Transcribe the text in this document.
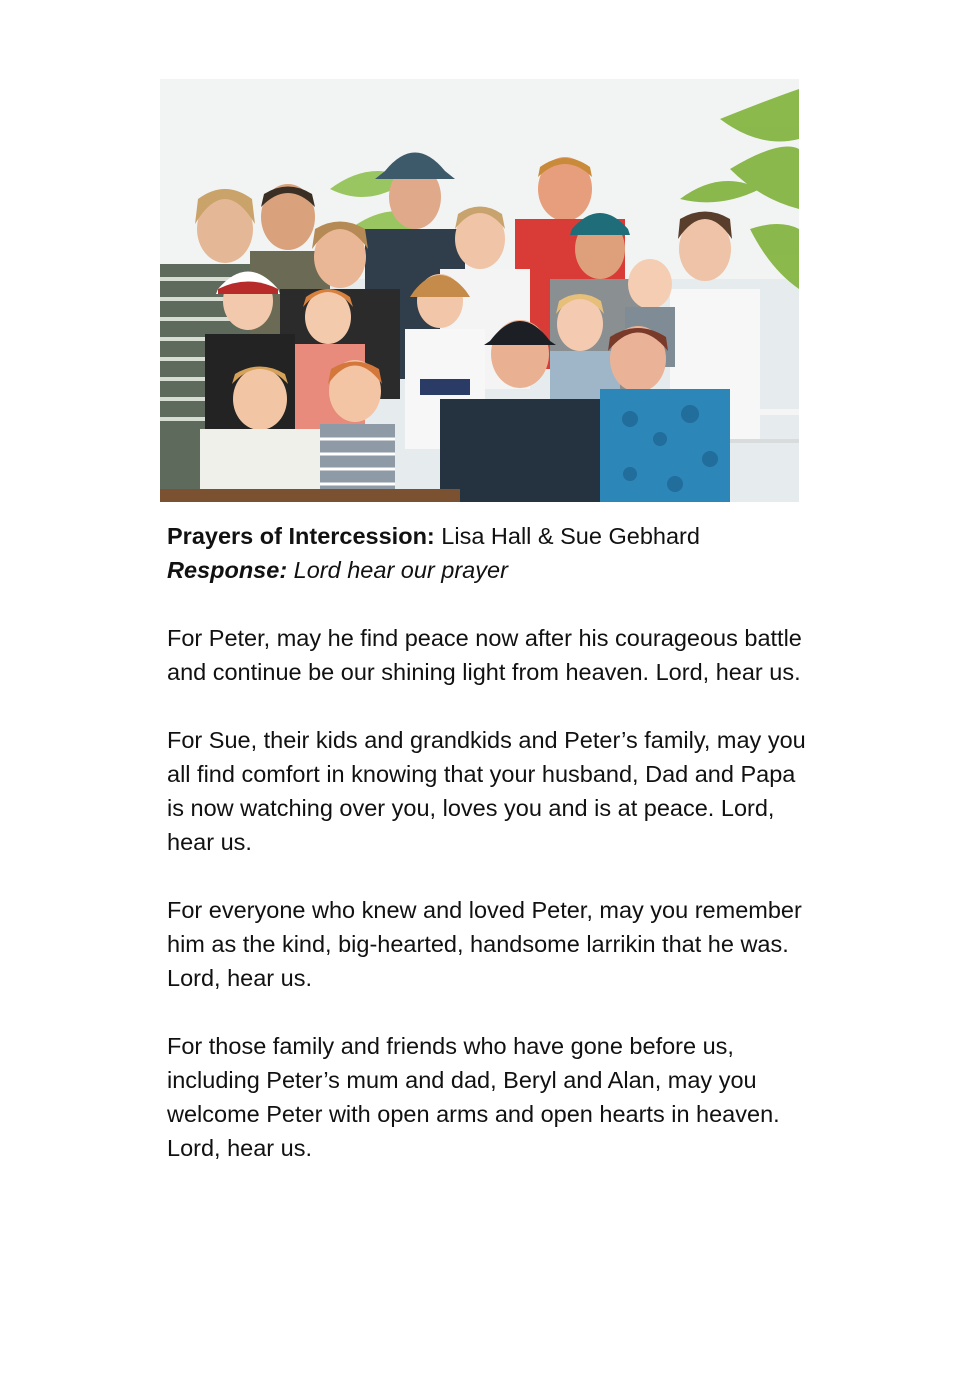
Prayers of Intercession: Lisa Hall & Sue Gebhard

Response: Lord hear our prayer

For Peter, may he find peace now after his courageous battle and continue be our shining light from heaven. Lord, hear us.

For Sue, their kids and grandkids and Peter’s family, may you all find comfort in knowing that your husband, Dad and Papa is now watching over you, loves you and is at peace. Lord, hear us.

For everyone who knew and loved Peter, may you remember him as the kind, big-hearted, handsome larrikin that he was. Lord, hear us.

For those family and friends who have gone before us, including Peter’s mum and dad, Beryl and Alan, may you welcome Peter with open arms and open hearts in heaven. Lord, hear us.
